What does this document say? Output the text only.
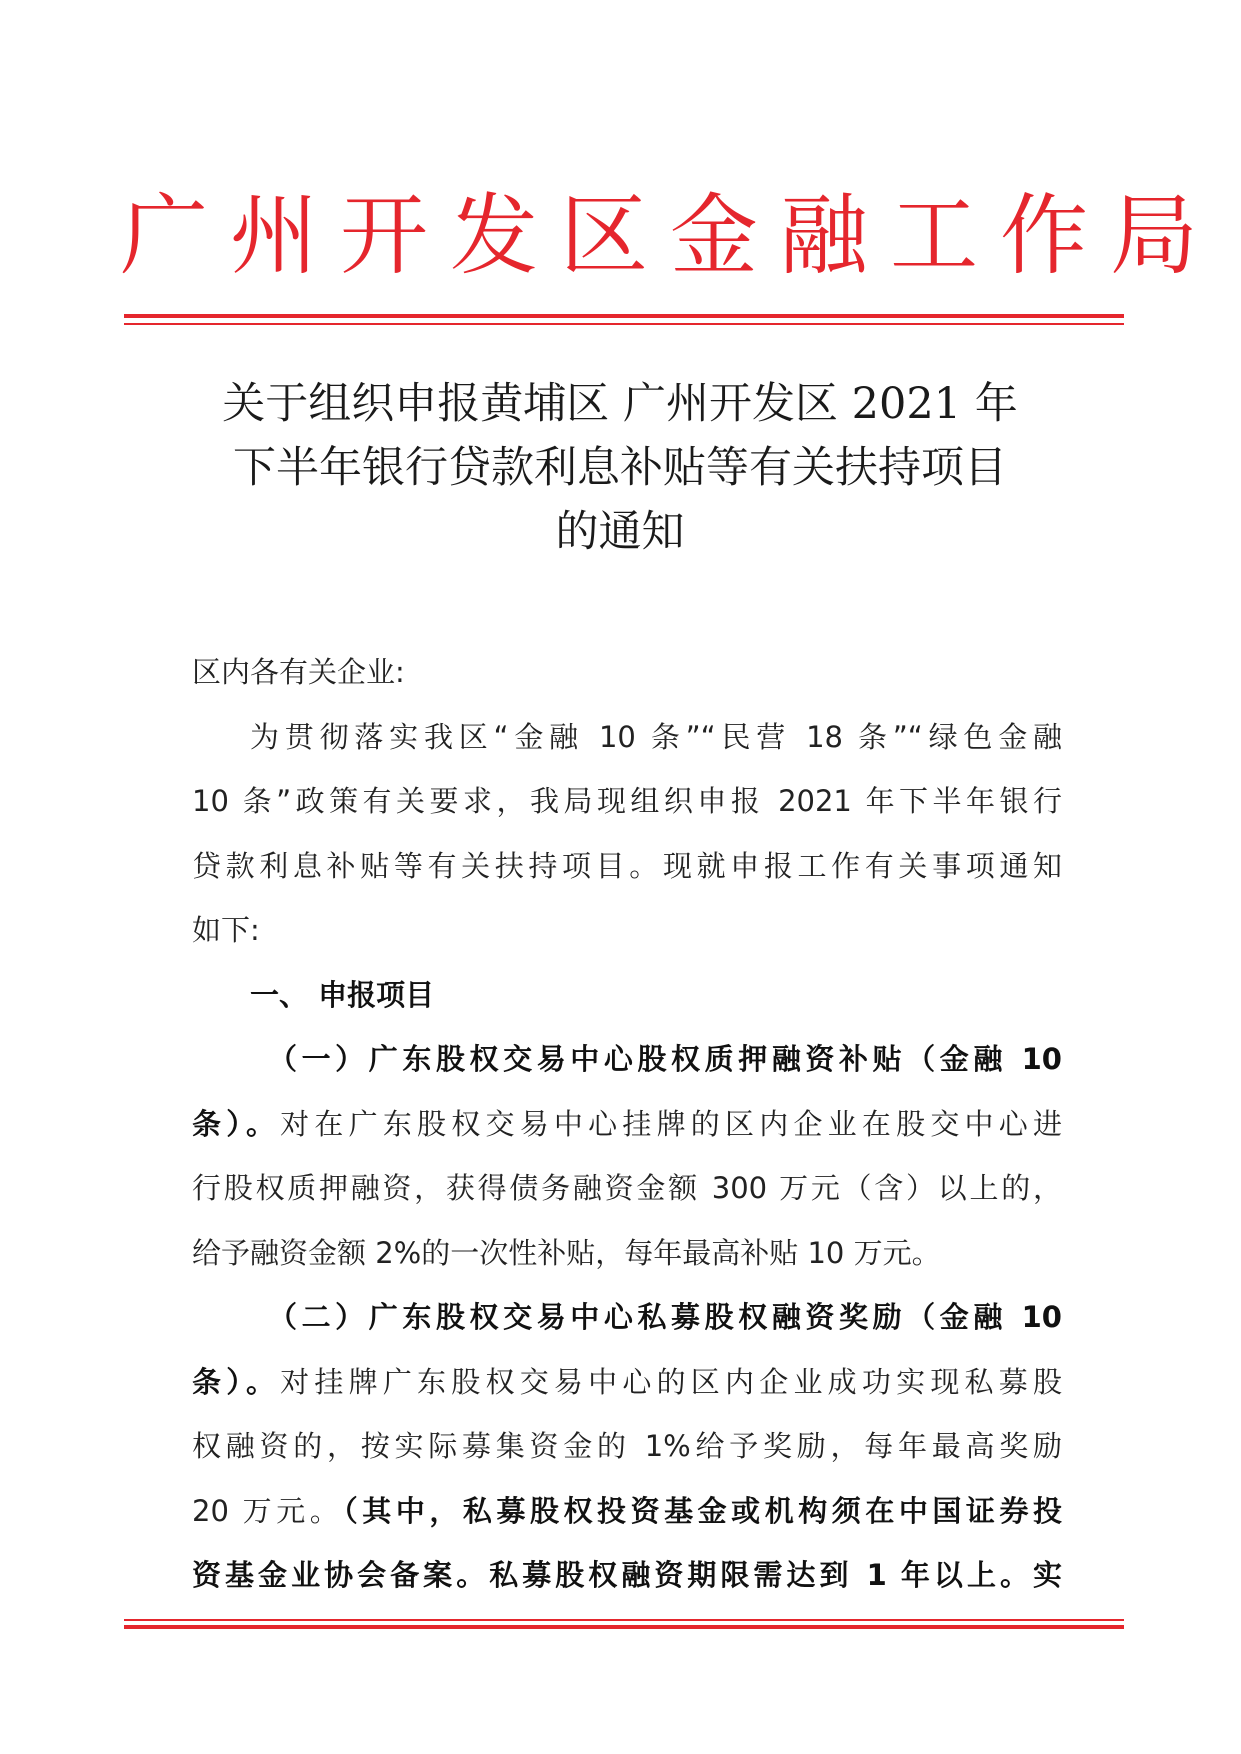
广州开发区金融工作局
关于组织申报黄埔区 广州开发区 2021 年
下半年银行贷款利息补贴等有关扶持项目
的通知
区内各有关企业:
为贯彻落实我区“金融 10 条”“民营 18 条”“绿色金融
10 条”政策有关要求，我局现组织申报 2021 年下半年银行
贷款利息补贴等有关扶持项目。现就申报工作有关事项通知
如下:
一、 申报项目
（一）广东股权交易中心股权质押融资补贴（金融 10
条）。对在广东股权交易中心挂牌的区内企业在股交中心进
行股权质押融资，获得债务融资金额 300 万元（含）以上的，
给予融资金额 2%的一次性补贴，每年最高补贴 10 万元。
（二）广东股权交易中心私募股权融资奖励（金融 10
条）。对挂牌广东股权交易中心的区内企业成功实现私募股
权融资的，按实际募集资金的 1%给予奖励，每年最高奖励
20 万元。（其中，私募股权投资基金或机构须在中国证券投
资基金业协会备案。私募股权融资期限需达到 1 年以上。实
